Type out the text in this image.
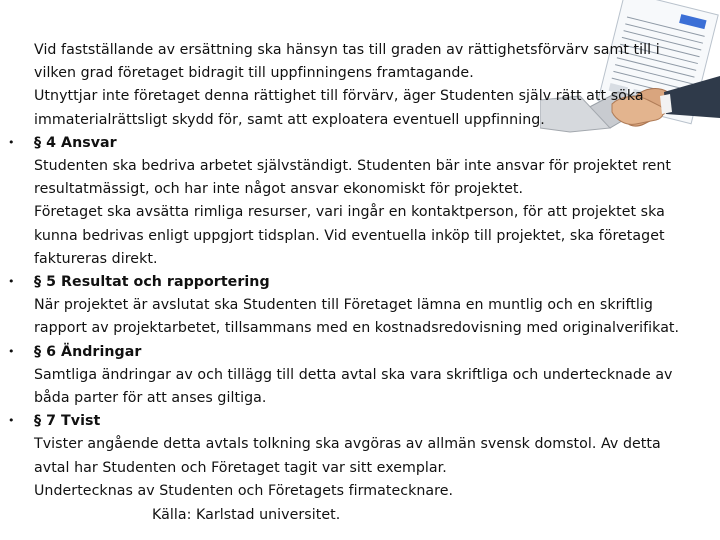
Vid fastställande av ersättning ska hänsyn tas till graden av rättighetsförvärv samt till i
vilken grad företaget bidragit till uppfinningens framtagande.
Utnyttjar inte företaget denna rättighet till förvärv, äger Studenten själv rätt att söka
immaterialrättsligt skydd för, samt att exploatera eventuell uppfinning.
• § 4 Ansvar
Studenten ska bedriva arbetet självständigt. Studenten bär inte ansvar för projektet rent
resultatmässigt, och har inte något ansvar ekonomiskt för projektet.
Företaget ska avsätta rimliga resurser, vari ingår en kontaktperson, för att projektet ska
kunna bedrivas enligt uppgjort tidsplan. Vid eventuella inköp till projektet, ska företaget
faktureras direkt.
• § 5 Resultat och rapportering
När projektet är avslutat ska Studenten till Företaget lämna en muntlig och en skriftlig
rapport av projektarbetet, tillsammans med en kostnadsredovisning med originalverifikat.
• § 6 Ändringar
Samtliga ändringar av och tillägg till detta avtal ska vara skriftliga och undertecknade av
båda parter för att anses giltiga.
• § 7 Tvist
Tvister angående detta avtals tolkning ska avgöras av allmän svensk domstol. Av detta
avtal har Studenten och Företaget tagit var sitt exemplar.
Undertecknas av Studenten och Företagets firmatecknare.
Källa: Karlstad universitet.
